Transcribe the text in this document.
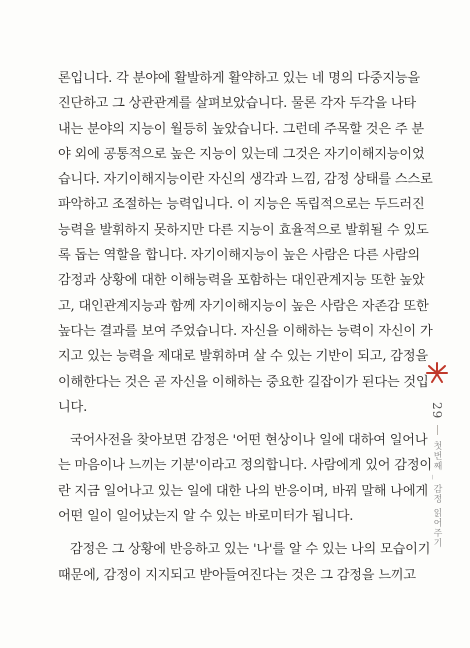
론입니다. 각 분야에 활발하게 활약하고 있는 네 명의 다중지능을
진단하고 그 상관관계를 살펴보았습니다. 물론 각자 두각을 나타
내는 분야의 지능이 월등히 높았습니다. 그런데 주목할 것은 주 분
야 외에 공통적으로 높은 지능이 있는데 그것은 자기이해지능이었
습니다. 자기이해지능이란 자신의 생각과 느낌, 감정 상태를 스스로
파악하고 조절하는 능력입니다. 이 지능은 독립적으로는 두드러진
능력을 발휘하지 못하지만 다른 지능이 효율적으로 발휘될 수 있도
록 돕는 역할을 합니다. 자기이해지능이 높은 사람은 다른 사람의
감정과 상황에 대한 이해능력을 포함하는 대인관계지능 또한 높았
고, 대인관계지능과 함께 자기이해지능이 높은 사람은 자존감 또한
높다는 결과를 보여 주었습니다. 자신을 이해하는 능력이 자신이 가
지고 있는 능력을 제대로 발휘하며 살 수 있는 기반이 되고, 감정을
이해한다는 것은 곧 자신을 이해하는 중요한 길잡이가 된다는 것입
니다.
국어사전을 찾아보면 감정은 '어떤 현상이나 일에 대하여 일어나
는 마음이나 느끼는 기분'이라고 정의합니다. 사람에게 있어 감정이
란 지금 일어나고 있는 일에 대한 나의 반응이며, 바꿔 말해 나에게
어떤 일이 일어났는지 알 수 있는 바로미터가 됩니다.
감정은 그 상황에 반응하고 있는 '나'를 알 수 있는 나의 모습이기
때문에, 감정이 지지되고 받아들여진다는 것은 그 감정을 느끼고
29
첫번째 _ 감정 읽어주기
